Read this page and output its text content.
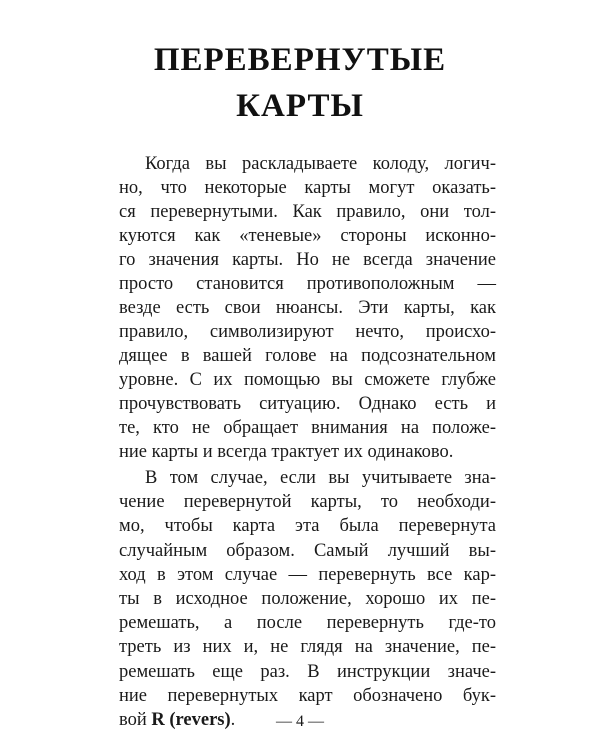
ПЕРЕВЕРНУТЫЕ
КАРТЫ
Когда вы раскладываете колоду, логич-
но, что некоторые карты могут оказать-
ся перевернутыми. Как правило, они тол-
куются как «теневые» стороны исконно-
го значения карты. Но не всегда значение
просто становится противоположным —
везде есть свои нюансы. Эти карты, как
правило, символизируют нечто, происхо-
дящее в вашей голове на подсознательном
уровне. С их помощью вы сможете глубже
прочувствовать ситуацию. Однако есть и
те, кто не обращает внимания на положе-
ние карты и всегда трактует их одинаково.
В том случае, если вы учитываете зна-
чение перевернутой карты, то необходи-
мо, чтобы карта эта была перевернута
случайным образом. Самый лучший вы-
ход в этом случае — перевернуть все кар-
ты в исходное положение, хорошо их пе-
ремешать, а после перевернуть где-то
треть из них и, не глядя на значение, пе-
ремешать еще раз. В инструкции значе-
ние перевернутых карт обозначено бук-
вой R (revers).	— 4 —
